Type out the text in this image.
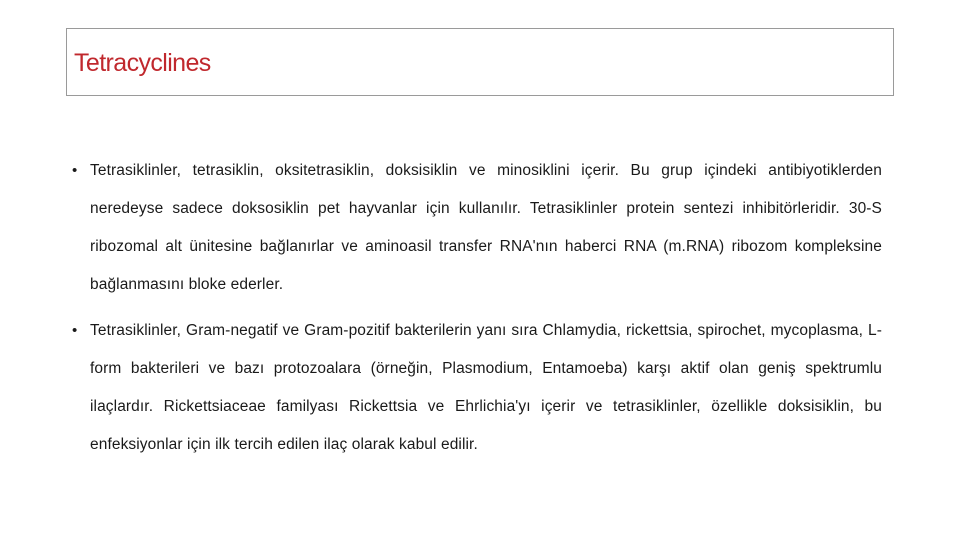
Tetracyclines
• Tetrasiklinler, tetrasiklin, oksitetrasiklin, doksisiklin ve minosiklini içerir. Bu grup içindeki antibiyotiklerden neredeyse sadece doksosiklin pet hayvanlar için kullanılır. Tetrasiklinler protein sentezi inhibitörleridir. 30-S ribozomal alt ünitesine bağlanırlar ve aminoasil transfer RNA'nın haberci RNA (m.RNA) ribozom kompleksine bağlanmasını bloke ederler.
• Tetrasiklinler, Gram-negatif ve Gram-pozitif bakterilerin yanı sıra Chlamydia, rickettsia, spirochet, mycoplasma, L-form bakterileri ve bazı protozoalara (örneğin, Plasmodium, Entamoeba) karşı aktif olan geniş spektrumlu ilaçlardır. Rickettsiaceae familyası Rickettsia ve Ehrlichia'yı içerir ve tetrasiklinler, özellikle doksisiklin, bu enfeksiyonlar için ilk tercih edilen ilaç olarak kabul edilir.
